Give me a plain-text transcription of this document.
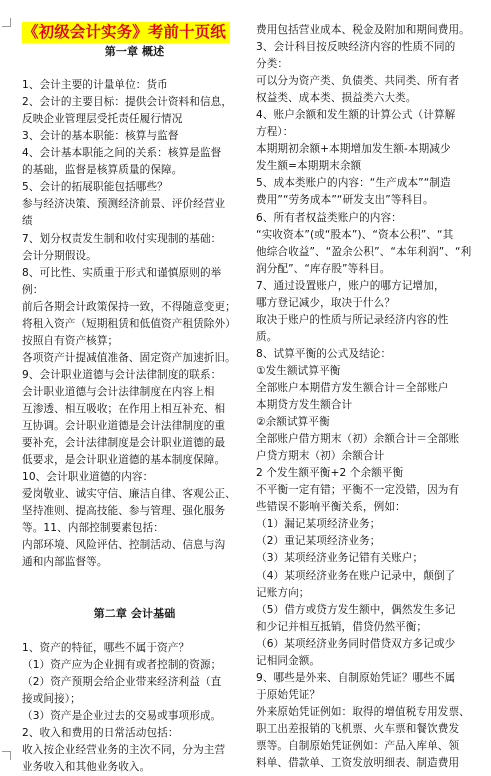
《初级会计实务》考前十页纸
第一章 概述
1、会计主要的计量单位：货币
2、会计的主要目标：提供会计资料和信息，
反映企业管理层受托责任履行情况
3、会计的基本职能：核算与监督
4、会计基本职能之间的关系：核算是监督
的基础，监督是核算质量的保障。
5、会计的拓展职能包括哪些？
参与经济决策、预测经济前景、评价经营业
绩
7、划分权责发生制和收付实现制的基础：
会计分期假设。
8、可比性、实质重于形式和谨慎原则的举
例：
前后各期会计政策保持一致，不得随意变更；
将租入资产（短期租赁和低值资产租赁除外）
按照自有资产核算；
各项资产计提减值准备、固定资产加速折旧。
9、会计职业道德与会计法律制度的联系：
会计职业道德与会计法律制度在内容上相
互渗透、相互吸收；在作用上相互补充、相
互协调。会计职业道德是会计法律制度的重
要补充，会计法律制度是会计职业道德的最
低要求，是会计职业道德的基本制度保障。
10、会计职业道德的内容：
爱岗敬业、诚实守信、廉洁自律、客观公正、
坚持准则、提高技能、参与管理、强化服务
等。11、内部控制要素包括：
内部环境、风险评估、控制活动、信息与沟
通和内部监督等。
第二章 会计基础
1、资产的特征，哪些不属于资产？
（1）资产应为企业拥有或者控制的资源；
（2）资产预期会给企业带来经济利益（直
接或间接）；
（3）资产是企业过去的交易或事项形成。
2、收入和费用的日常活动包括：
收入按企业经营业务的主次不同，分为主营
业务收入和其他业务收入。
费用包括营业成本、税金及附加和期间费用。
3、会计科目按反映经济内容的性质不同的
分类：
可以分为资产类、负债类、共同类、所有者
权益类、成本类、损益类六大类。
4、账户余额和发生额的计算公式（计算解
方程）：
本期期初余额+本期增加发生额-本期减少
发生额=本期期末余额
5、成本类账户的内容：“生产成本”“制造
费用”“劳务成本”“研发支出”等科目。
6、所有者权益类账户的内容：
“实收资本”(或“股本”)、“资本公积”、“其
他综合收益”、“盈余公积”、“本年利润”、“利
润分配”、“库存股”等科目。
7、通过设置账户，账户的哪方记增加，
哪方登记减少，取决于什么？
取决于账户的性质与所记录经济内容的性
质。
8、试算平衡的公式及结论：
①发生额试算平衡
全部账户本期借方发生额合计＝全部账户
本期贷方发生额合计
②余额试算平衡
全部账户借方期末（初）余额合计＝全部账
户贷方期末（初）余额合计
2 个发生额平衡+2 个余额平衡
不平衡一定有错；平衡不一定没错，因为有
些错误不影响平衡关系，例如：
（1）漏记某项经济业务；
（2）重记某项经济业务；
（3）某项经济业务记错有关账户；
（4）某项经济业务在账户记录中，颠倒了
记账方向；
（5）借方或贷方发生额中，偶然发生多记
和少记并相互抵销，借贷仍然平衡；
（6）某项经济业务同时借贷双方多记或少
记相同金额。
9、哪些是外来、自制原始凭证？哪些不属
于原始凭证？
外来原始凭证例如：取得的增值税专用发票、
职工出差报销的飞机票、火车票和餐饮费发
票等。自制原始凭证例如：产品入库单、领
料单、借款单、工资发放明细表、制造费用
